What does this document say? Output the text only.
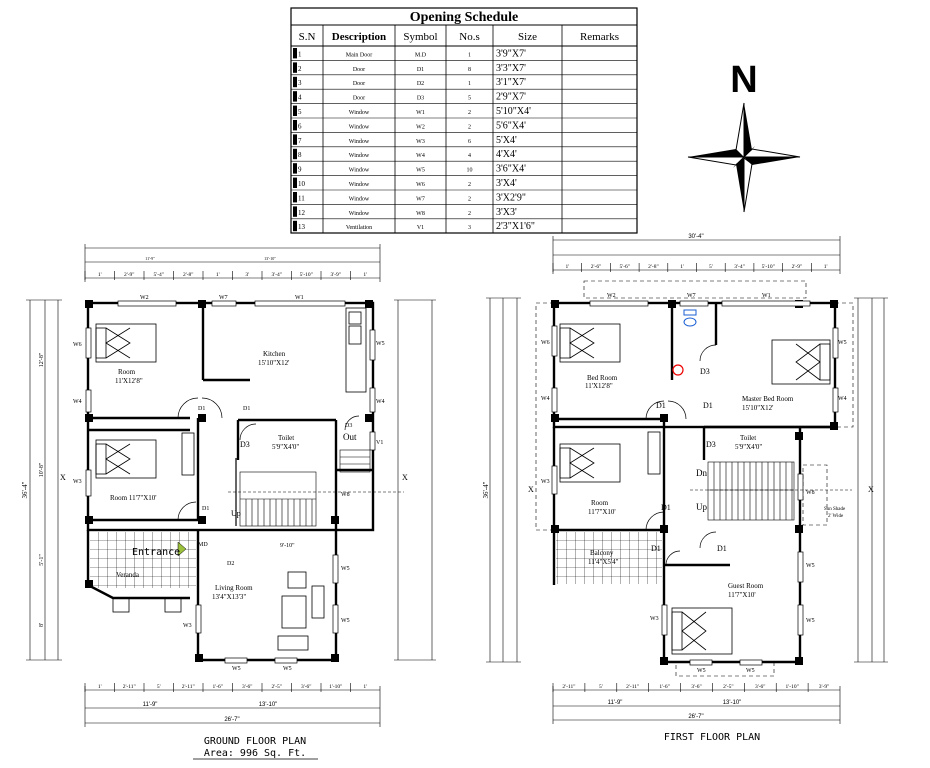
Opening Schedule
S.N Description Symbol No.s	Size	Remarks
1	Main Door	M.D	1	3'9"X7'
2	Door	D1	8	3'3"X7'
3	Door	D2	1	3'1"X7'
4	Door	D3	5	2'9"X7'
5	Window	W1	2	5'10"X4'
6	Window	W2	2	5'6"X4'
7	Window	W3	6	5'X4'
8	Window	W4	4	4'X4'
9	Window	W5	10 3'6"X4'
10	Window	W6	2	3'X4'
11	Window	W7	2	3'X2'9"
12	Window	W8	2	3'X3'
13	Ventilation	V1	3	2'3"X1'6"
N
11'-9"	13'-10"
1'	2'-9"	5'-4"	2'-8"	1'	3'	3'-4"	5'-10"	3'-9"	1'
36'-4"
12'-8"
10'-8"
5'-1"
8'
Room
11'X12'8"
Kitchen
15'10"X12'
Toilet
5'9"X4'0"
Room 11'7"X10'
Living Room
13'4"X13'3"
Veranda
Out
Up
9'-10"
Entrance
W2	W7	W1
W6
W4
W3
W5
W4
V1
W8
W5
W5
W3
W5	W5
D1	D1
D1
D2
D3
D3
MD
X	X
1'	2'-11"	5'	2'-11"	1'-6"	3'-6"	2'-5"	3'-6"	1'-10"	1'
11'-9"	13'-10"
26'-7"
GROUND FLOOR PLAN
Area: 996 Sq. Ft.
30'-4"
1'	2'-6"	5'-6"	2'-8"	1'	5'	3'-4"	5'-10"	2'-9"	1'
36'-4"
Bed Room
11'X12'8"
Master Bed Room
15'10"X12'
Toilet
5'9"X4'0"
Room
11'7"X10'
Balcony
11'4"X5'4"
Guest Room
11'7"X10'
Dn
Up	Sun Shade
2' Wide
W2	W7	W1
W6
W4
W3
W5
W4
W8
W5
W5
W3
W5	W5
D1	D1
D1
D1	D1
D3
D3
X	X
2'-11"	5'	2'-11"	1'-6"	3'-6"	2'-5"	3'-6"	1'-10"	3'-9"
11'-9"	13'-10"
26'-7"
FIRST FLOOR PLAN
